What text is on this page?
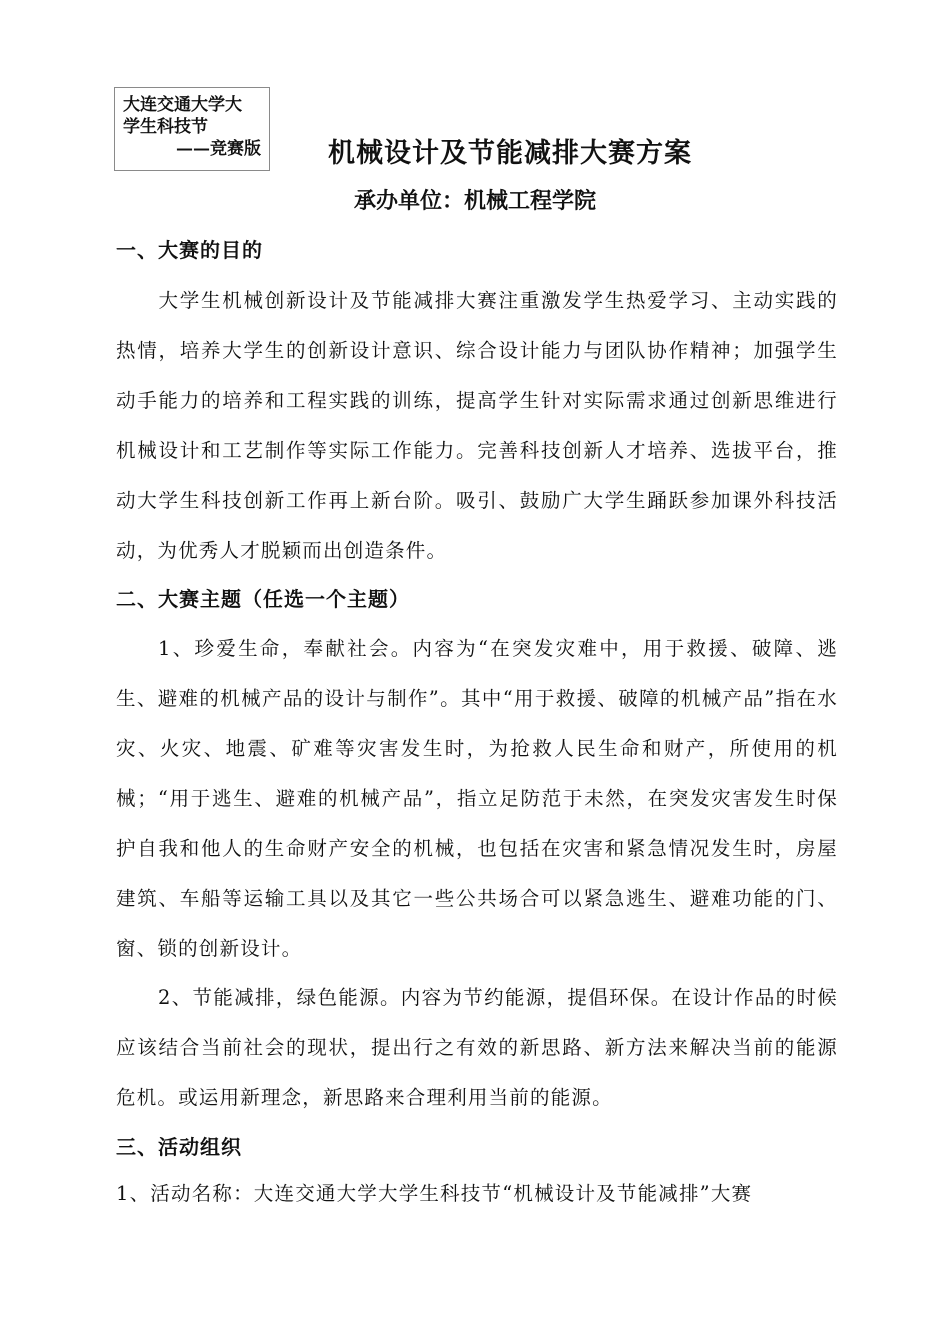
大连交通大学大
学生科技节
——竞赛版	机械设计及节能减排大赛方案
承办单位：机械工程学院
一、大赛的目的
大学生机械创新设计及节能减排大赛注重激发学生热爱学习、主动实践的热情，培养大学生的创新设计意识、综合设计能力与团队协作精神；加强学生动手能力的培养和工程实践的训练，提高学生针对实际需求通过创新思维进行机械设计和工艺制作等实际工作能力。完善科技创新人才培养、选拔平台，推动大学生科技创新工作再上新台阶。吸引、鼓励广大学生踊跃参加课外科技活动，为优秀人才脱颖而出创造条件。
二、大赛主题（任选一个主题）
1、珍爱生命，奉献社会。内容为“在突发灾难中，用于救援、破障、逃生、避难的机械产品的设计与制作”。其中“用于救援、破障的机械产品”指在水灾、火灾、地震、矿难等灾害发生时，为抢救人民生命和财产，所使用的机械；“用于逃生、避难的机械产品”，指立足防范于未然，在突发灾害发生时保护自我和他人的生命财产安全的机械，也包括在灾害和紧急情况发生时，房屋建筑、车船等运输工具以及其它一些公共场合可以紧急逃生、避难功能的门、窗、锁的创新设计。
2、节能减排，绿色能源。内容为节约能源，提倡环保。在设计作品的时候应该结合当前社会的现状，提出行之有效的新思路、新方法来解决当前的能源危机。或运用新理念，新思路来合理利用当前的能源。
三、活动组织
1、活动名称：大连交通大学大学生科技节“机械设计及节能减排”大赛
